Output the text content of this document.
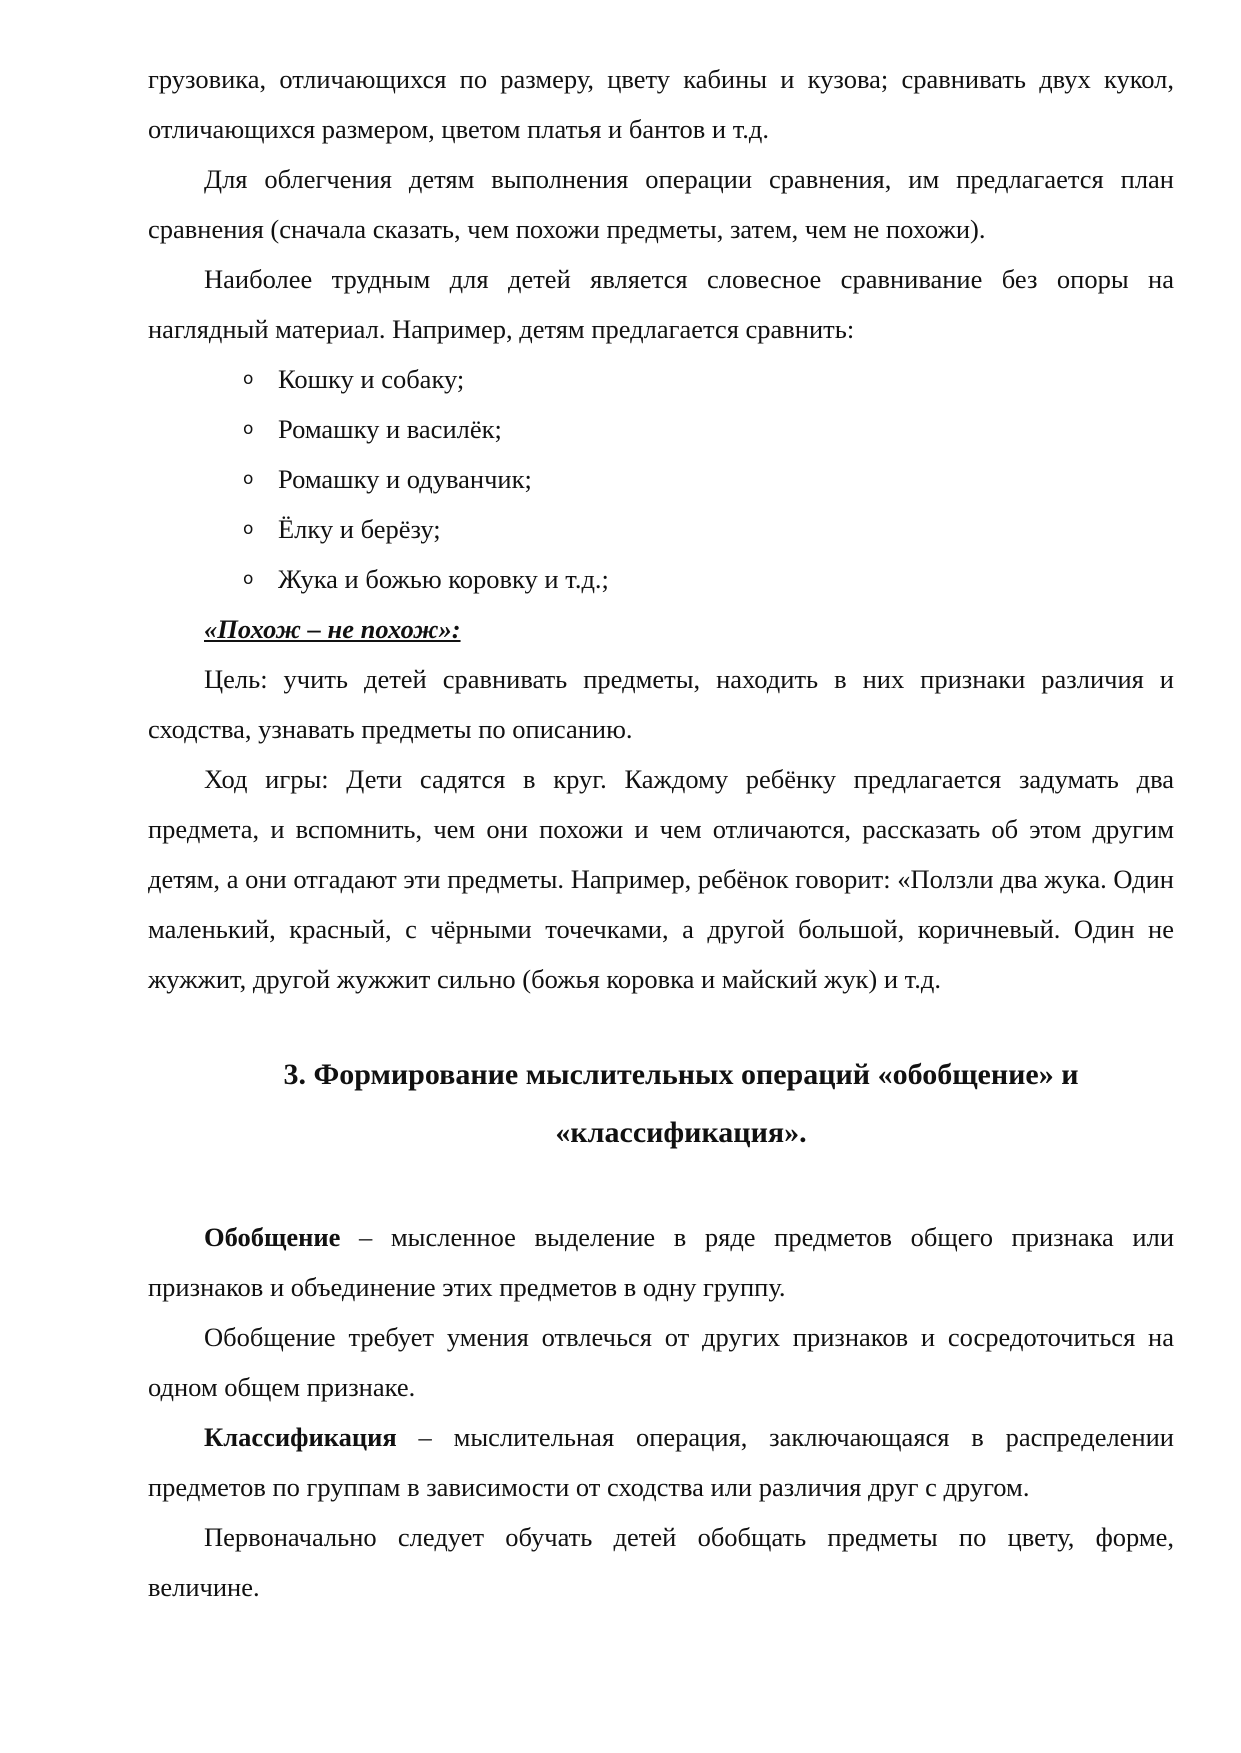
грузовика, отличающихся по размеру, цвету кабины и кузова; сравнивать двух кукол, отличающихся размером, цветом платья и бантов и т.д.

Для облегчения детям выполнения операции сравнения, им предлагается план сравнения (сначала сказать, чем похожи предметы, затем, чем не похожи).

Наиболее трудным для детей является словесное сравнивание без опоры на наглядный материал. Например, детям предлагается сравнить:

o Кошку и собаку;
o Ромашку и василёк;
o Ромашку и одуванчик;
o Ёлку и берёзу;
o Жука и божью коровку и т.д.;

«Похож – не похож»:

Цель: учить детей сравнивать предметы, находить в них признаки различия и сходства, узнавать предметы по описанию.

Ход игры: Дети садятся в круг. Каждому ребёнку предлагается задумать два предмета, и вспомнить, чем они похожи и чем отличаются, рассказать об этом другим детям, а они отгадают эти предметы. Например, ребёнок говорит: «Ползли два жука. Один маленький, красный, с чёрными точечками, а другой большой, коричневый. Один не жужжит, другой жужжит сильно (божья коровка и майский жук) и т.д.

3. Формирование мыслительных операций «обобщение» и
«классификация».

Обобщение – мысленное выделение в ряде предметов общего признака или признаков и объединение этих предметов в одну группу.

Обобщение требует умения отвлечься от других признаков и сосредоточиться на одном общем признаке.

Классификация – мыслительная операция, заключающаяся в распределении предметов по группам в зависимости от сходства или различия друг с другом.

Первоначально следует обучать детей обобщать предметы по цвету, форме, величине.
